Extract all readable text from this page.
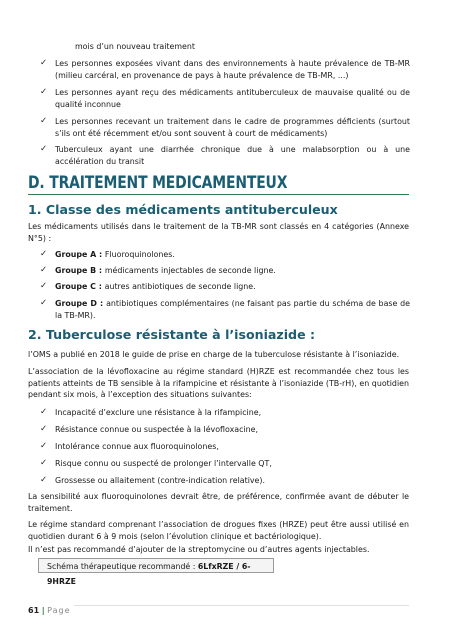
mois d’un nouveau traitement
✓ Les personnes exposées vivant dans des environnements à haute prévalence de TB-MR (milieu carcéral, en provenance de pays à haute prévalence de TB-MR, ...)
✓ Les personnes ayant reçu des médicaments antituberculeux de mauvaise qualité ou de qualité inconnue
✓ Les personnes recevant un traitement dans le cadre de programmes déficients (surtout s’ils ont été récemment et/ou sont souvent à court de médicaments)
✓ Tuberculeux ayant une diarrhée chronique due à une malabsorption ou à une accélération du transit
D. TRAITEMENT MEDICAMENTEUX
1. Classe des médicaments antituberculeux
Les médicaments utilisés dans le traitement de la TB-MR sont classés en 4 catégories (Annexe N°5) :
✓ Groupe A : Fluoroquinolones.
✓ Groupe B : médicaments injectables de seconde ligne.
✓ Groupe C : autres antibiotiques de seconde ligne.
✓ Groupe D : antibiotiques complémentaires (ne faisant pas partie du schéma de base de la TB-MR).
2. Tuberculose résistante à l’isoniazide :
l’OMS a publié en 2018 le guide de prise en charge de la tuberculose résistante à l’isoniazide.
L’association de la lévofloxacine au régime standard (H)RZE est recommandée chez tous les patients atteints de TB sensible à la rifampicine et résistante à l’isoniazide (TB-rH), en quotidien pendant six mois, à l’exception des situations suivantes:
✓ Incapacité d’exclure une résistance à la rifampicine,
✓ Résistance connue ou suspectée à la lévofloxacine,
✓ Intolérance connue aux fluoroquinolones,
✓ Risque connu ou suspecté de prolonger l’intervalle QT,
✓ Grossesse ou allaitement (contre-indication relative).
La sensibilité aux fluoroquinolones devrait être, de préférence, confirmée avant de débuter le traitement.
Le régime standard comprenant l’association de drogues fixes (HRZE) peut être aussi utilisé en quotidien durant 6 à 9 mois (selon l’évolution clinique et bactériologique).
Il n’est pas recommandé d’ajouter de la streptomycine ou d’autres agents injectables.
Schéma thérapeutique recommandé : 6LfxRZE / 6-9HRZE
61 | Page
